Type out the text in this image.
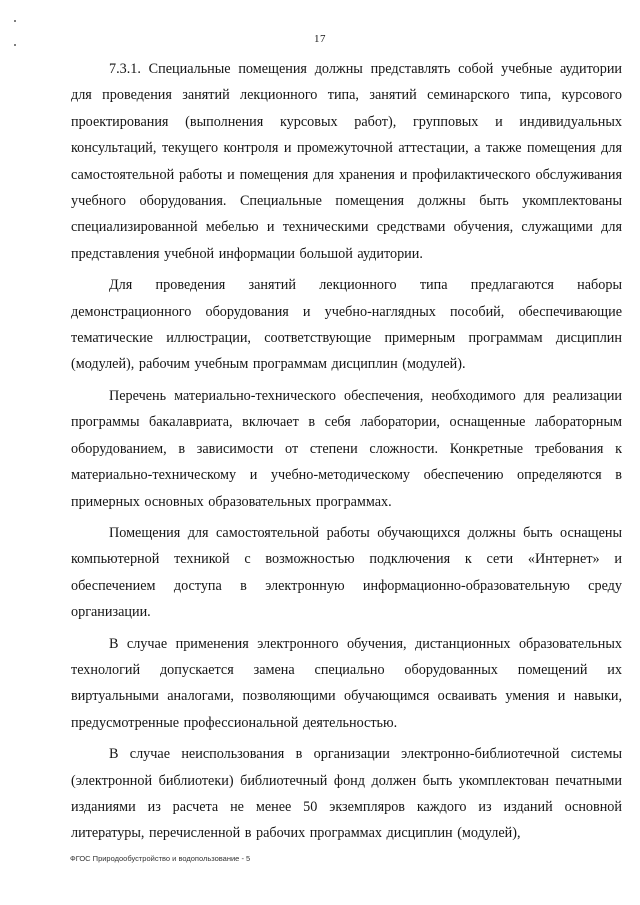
17

7.3.1. Специальные помещения должны представлять собой учебные аудитории для проведения занятий лекционного типа, занятий семинарского типа, курсового проектирования (выполнения курсовых работ), групповых и индивидуальных консультаций, текущего контроля и промежуточной аттестации, а также помещения для самостоятельной работы и помещения для хранения и профилактического обслуживания учебного оборудования. Специальные помещения должны быть укомплектованы специализированной мебелью и техническими средствами обучения, служащими для представления учебной информации большой аудитории.

Для проведения занятий лекционного типа предлагаются наборы демонстрационного оборудования и учебно-наглядных пособий, обеспечивающие тематические иллюстрации, соответствующие примерным программам дисциплин (модулей), рабочим учебным программам дисциплин (модулей).

Перечень материально-технического обеспечения, необходимого для реализации программы бакалавриата, включает в себя лаборатории, оснащенные лабораторным оборудованием, в зависимости от степени сложности. Конкретные требования к материально-техническому и учебно-методическому обеспечению определяются в примерных основных образовательных программах.

Помещения для самостоятельной работы обучающихся должны быть оснащены компьютерной техникой с возможностью подключения к сети «Интернет» и обеспечением доступа в электронную информационно-образовательную среду организации.

В случае применения электронного обучения, дистанционных образовательных технологий допускается замена специально оборудованных помещений их виртуальными аналогами, позволяющими обучающимся осваивать умения и навыки, предусмотренные профессиональной деятельностью.

В случае неиспользования в организации электронно-библиотечной системы (электронной библиотеки) библиотечный фонд должен быть укомплектован печатными изданиями из расчета не менее 50 экземпляров каждого из изданий основной литературы, перечисленной в рабочих программах дисциплин (модулей),

ФГОС Природообустройство и водопользование - 5
